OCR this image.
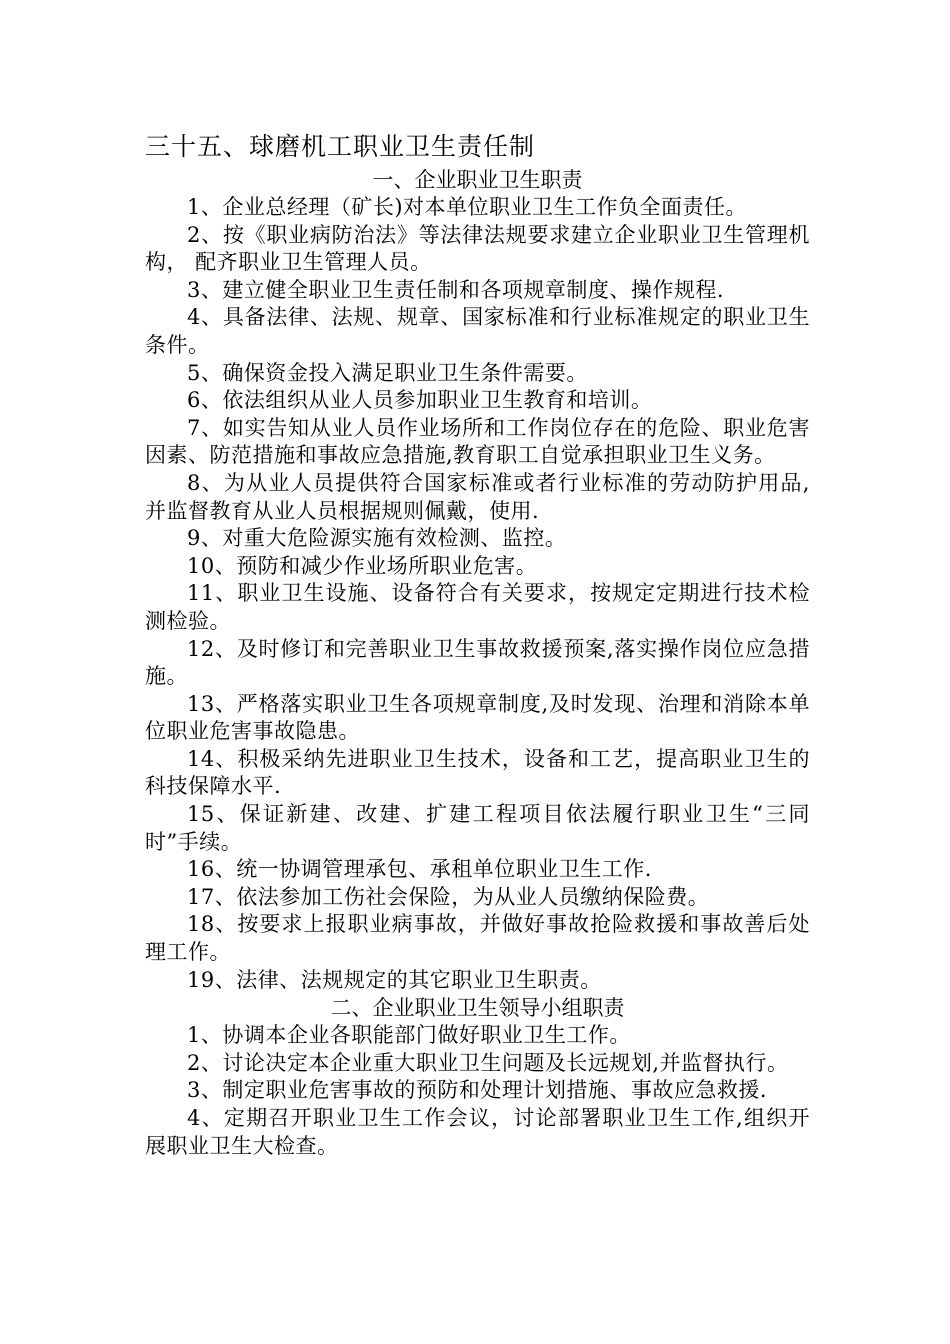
三十五、球磨机工职业卫生责任制
一、企业职业卫生职责

1、企业总经理（矿长)对本单位职业卫生工作负全面责任。

2、按《职业病防治法》等法律法规要求建立企业职业卫生管理机构， 配齐职业卫生管理人员。

3、建立健全职业卫生责任制和各项规章制度、操作规程.

4、具备法律、法规、规章、国家标准和行业标准规定的职业卫生条件。

5、确保资金投入满足职业卫生条件需要。

6、依法组织从业人员参加职业卫生教育和培训。

7、如实告知从业人员作业场所和工作岗位存在的危险、职业危害因素、防范措施和事故应急措施,教育职工自觉承担职业卫生义务。

8、为从业人员提供符合国家标准或者行业标准的劳动防护用品,并监督教育从业人员根据规则佩戴，使用.

9、对重大危险源实施有效检测、监控。

10、预防和减少作业场所职业危害。

11、职业卫生设施、设备符合有关要求，按规定定期进行技术检测检验。

12、及时修订和完善职业卫生事故救援预案,落实操作岗位应急措施。

13、严格落实职业卫生各项规章制度,及时发现、治理和消除本单位职业危害事故隐患。

14、积极采纳先进职业卫生技术，设备和工艺，提高职业卫生的科技保障水平.

15、保证新建、改建、扩建工程项目依法履行职业卫生“三同时”手续。

16、统一协调管理承包、承租单位职业卫生工作.

17、依法参加工伤社会保险，为从业人员缴纳保险费。

18、按要求上报职业病事故，并做好事故抢险救援和事故善后处理工作。

19、法律、法规规定的其它职业卫生职责。

二、企业职业卫生领导小组职责

1、协调本企业各职能部门做好职业卫生工作。

2、讨论决定本企业重大职业卫生问题及长远规划,并监督执行。

3、制定职业危害事故的预防和处理计划措施、事故应急救援.

4、定期召开职业卫生工作会议，讨论部署职业卫生工作,组织开展职业卫生大检查。
